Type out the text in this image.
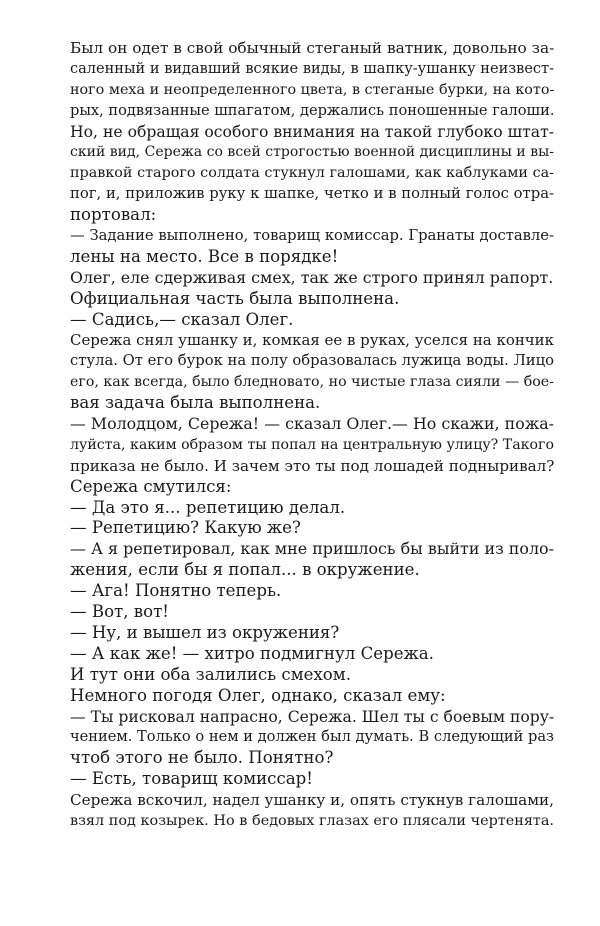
Был он одет в свой обычный стеганый ватник, довольно за-
саленный и видавший всякие виды, в шапку-ушанку неизвест-
ного меха и неопределенного цвета, в стеганые бурки, на кото-
рых, подвязанные шпагатом, держались поношенные галоши.
Но, не обращая особого внимания на такой глубоко штат-
ский вид, Сережа со всей строгостью военной дисциплины и вы-
правкой старого солдата стукнул галошами, как каблуками са-
пог, и, приложив руку к шапке, четко и в полный голос отра-
портовал:
— Задание выполнено, товарищ комиссар. Гранаты доставле-
лены на место. Все в порядке!
Олег, еле сдерживая смех, так же строго принял рапорт.
Официальная часть была выполнена.
— Садись,— сказал Олег.
Сережа снял ушанку и, комкая ее в руках, уселся на кончик
стула. От его бурок на полу образовалась лужица воды. Лицо
его, как всегда, было бледновато, но чистые глаза сияли — бое-
вая задача была выполнена.
— Молодцом, Сережа! — сказал Олег.— Но скажи, пожа-
луйста, каким образом ты попал на центральную улицу? Такого
приказа не было. И зачем это ты под лошадей подныривал?
Сережа смутился:
— Да это я... репетицию делал.
— Репетицию? Какую же?
— А я репетировал, как мне пришлось бы выйти из поло-
жения, если бы я попал... в окружение.
— Ага! Понятно теперь.
— Вот, вот!
— Ну, и вышел из окружения?
— А как же! — хитро подмигнул Сережа.
И тут они оба залились смехом.
Немного погодя Олег, однако, сказал ему:
— Ты рисковал напрасно, Сережа. Шел ты с боевым пору-
чением. Только о нем и должен был думать. В следующий раз
чтоб этого не было. Понятно?
— Есть, товарищ комиссар!
Сережа вскочил, надел ушанку и, опять стукнув галошами,
взял под козырек. Но в бедовых глазах его плясали чертенята.
